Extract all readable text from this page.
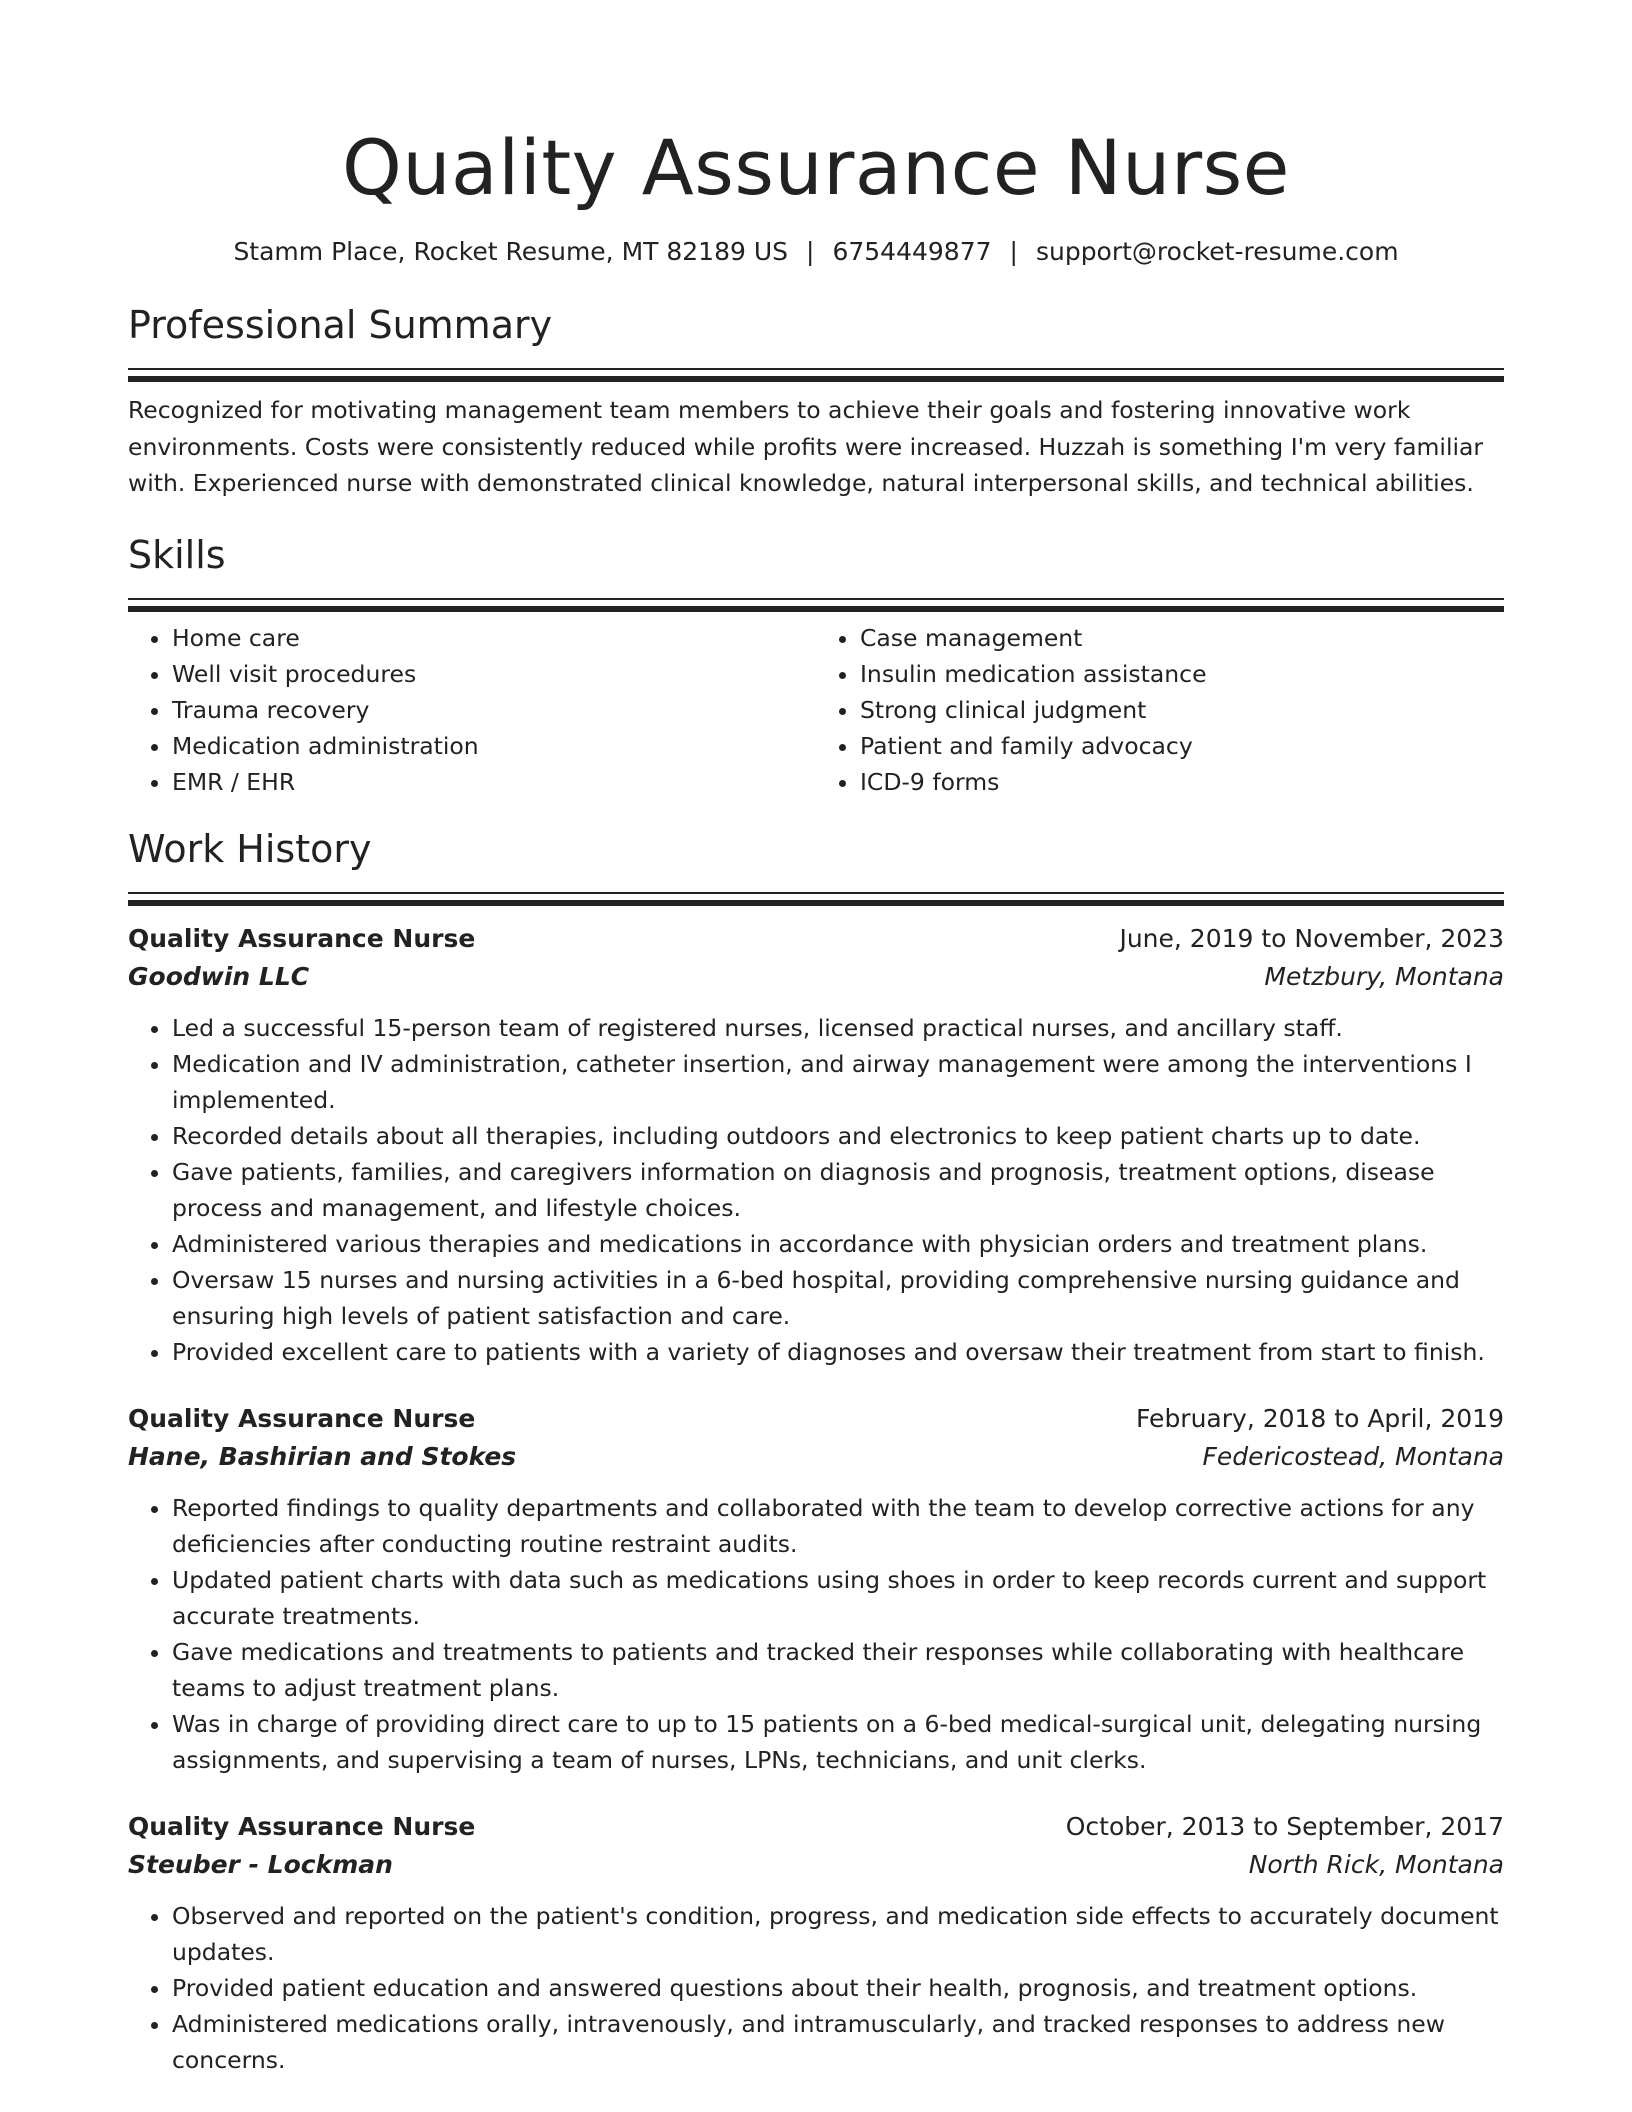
Quality Assurance Nurse
Stamm Place, Rocket Resume, MT 82189 US | 6754449877 | support@rocket-resume.com
Professional Summary

Recognized for motivating management team members to achieve their goals and fostering innovative work environments. Costs were consistently reduced while profits were increased. Huzzah is something I'm very familiar with. Experienced nurse with demonstrated clinical knowledge, natural interpersonal skills, and technical abilities.

Skills
• Home care
• Well visit procedures
• Trauma recovery
• Medication administration
• EMR / EHR
• Case management
• Insulin medication assistance
• Strong clinical judgment
• Patient and family advocacy
• ICD-9 forms
Work History
Quality Assurance Nurse	June, 2019 to November, 2023
Goodwin LLC	Metzbury, Montana
• Led a successful 15-person team of registered nurses, licensed practical nurses, and ancillary staff.
• Medication and IV administration, catheter insertion, and airway management were among the interventions I implemented.
• Recorded details about all therapies, including outdoors and electronics to keep patient charts up to date.
• Gave patients, families, and caregivers information on diagnosis and prognosis, treatment options, disease process and management, and lifestyle choices.
• Administered various therapies and medications in accordance with physician orders and treatment plans.
• Oversaw 15 nurses and nursing activities in a 6-bed hospital, providing comprehensive nursing guidance and ensuring high levels of patient satisfaction and care.
• Provided excellent care to patients with a variety of diagnoses and oversaw their treatment from start to finish.
Quality Assurance Nurse	February, 2018 to April, 2019
Hane, Bashirian and Stokes	Federicostead, Montana
• Reported findings to quality departments and collaborated with the team to develop corrective actions for any deficiencies after conducting routine restraint audits.
• Updated patient charts with data such as medications using shoes in order to keep records current and support accurate treatments.
• Gave medications and treatments to patients and tracked their responses while collaborating with healthcare teams to adjust treatment plans.
• Was in charge of providing direct care to up to 15 patients on a 6-bed medical-surgical unit, delegating nursing assignments, and supervising a team of nurses, LPNs, technicians, and unit clerks.
Quality Assurance Nurse	October, 2013 to September, 2017
Steuber - Lockman	North Rick, Montana
• Observed and reported on the patient's condition, progress, and medication side effects to accurately document updates.
• Provided patient education and answered questions about their health, prognosis, and treatment options.
• Administered medications orally, intravenously, and intramuscularly, and tracked responses to address new concerns.
